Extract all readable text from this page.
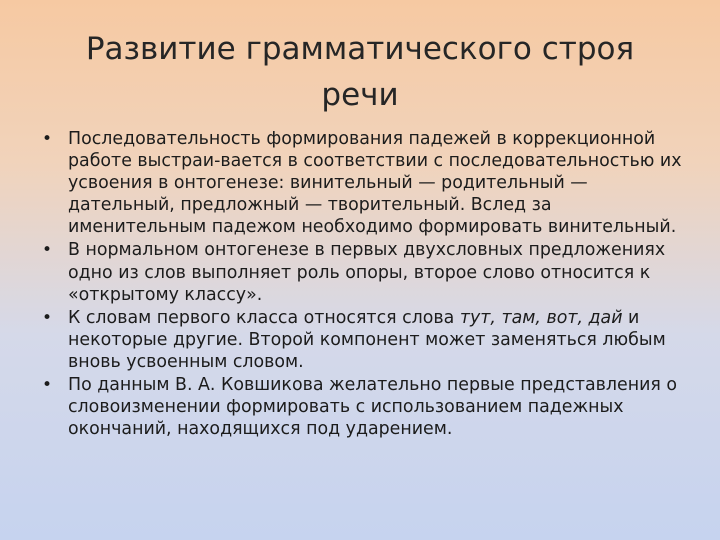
Развитие грамматического строя
речи
• Последовательность формирования падежей в коррекционной работе выстраи-вается в соответствии с последовательностью их усвоения в онтогенезе: винительный — родительный — дательный, предложный — творительный. Вслед за именительным падежом необходимо формировать винительный.
• В нормальном онтогенезе в первых двухсловных предложениях одно из слов выполняет роль опоры, второе слово относится к «открытому классу».
• К словам первого класса относятся слова тут, там, вот, дай и некоторые другие. Второй компонент может заменяться любым вновь усвоенным словом.
• По данным В. А. Ковшикова желательно первые представления о словоизменении формировать с использованием падежных окончаний, находящихся под ударением.
